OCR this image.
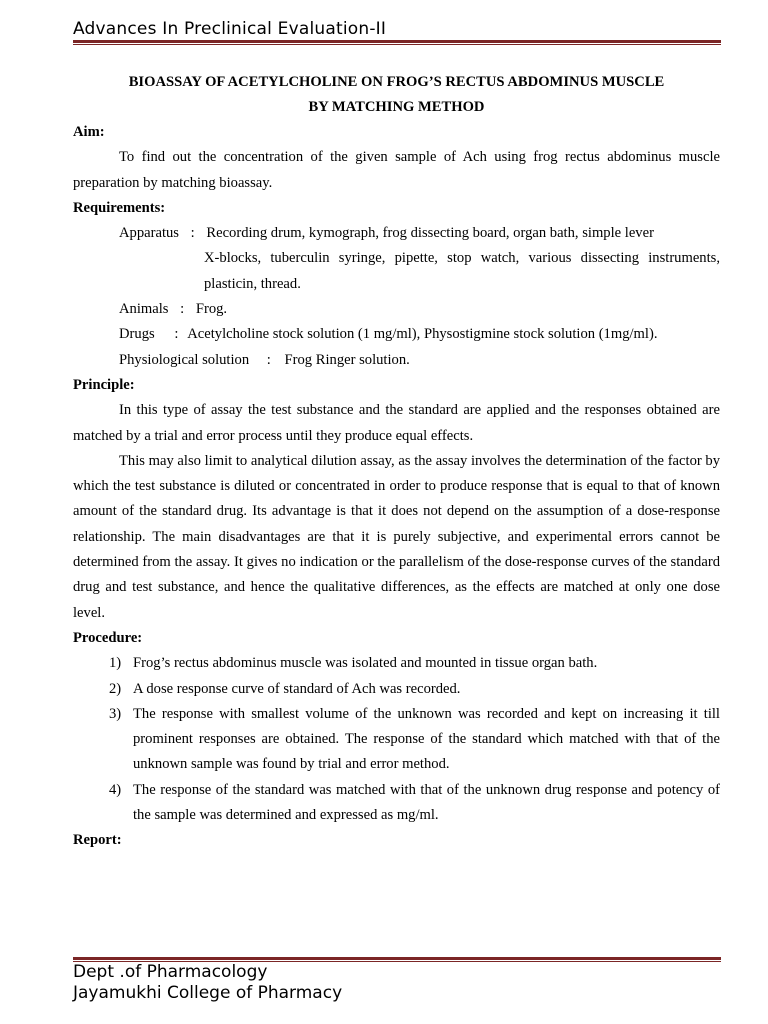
Advances In Preclinical Evaluation-II
BIOASSAY OF ACETYLCHOLINE ON FROG’S RECTUS ABDOMINUS MUSCLE
BY MATCHING METHOD
Aim:
To find out the concentration of the given sample of Ach using frog rectus abdominus muscle preparation by matching bioassay.
Requirements:
Apparatus : Recording drum, kymograph, frog dissecting board, organ bath, simple lever
X-blocks, tuberculin syringe, pipette, stop watch, various dissecting instruments, plasticin, thread.
Animals : Frog.
Drugs : Acetylcholine stock solution (1 mg/ml), Physostigmine stock solution (1mg/ml).
Physiological solution : Frog Ringer solution.
Principle:
In this type of assay the test substance and the standard are applied and the responses obtained are matched by a trial and error process until they produce equal effects.
This may also limit to analytical dilution assay, as the assay involves the determination of the factor by which the test substance is diluted or concentrated in order to produce response that is equal to that of known amount of the standard drug. Its advantage is that it does not depend on the assumption of a dose-response relationship. The main disadvantages are that it is purely subjective, and experimental errors cannot be determined from the assay. It gives no indication or the parallelism of the dose-response curves of the standard drug and test substance, and hence the qualitative differences, as the effects are matched at only one dose level.
Procedure:
1) Frog’s rectus abdominus muscle was isolated and mounted in tissue organ bath.
2) A dose response curve of standard of Ach was recorded.
3) The response with smallest volume of the unknown was recorded and kept on increasing it till prominent responses are obtained. The response of the standard which matched with that of the unknown sample was found by trial and error method.
4) The response of the standard was matched with that of the unknown drug response and potency of the sample was determined and expressed as mg/ml.
Report:
Dept .of Pharmacology
Jayamukhi College of Pharmacy
